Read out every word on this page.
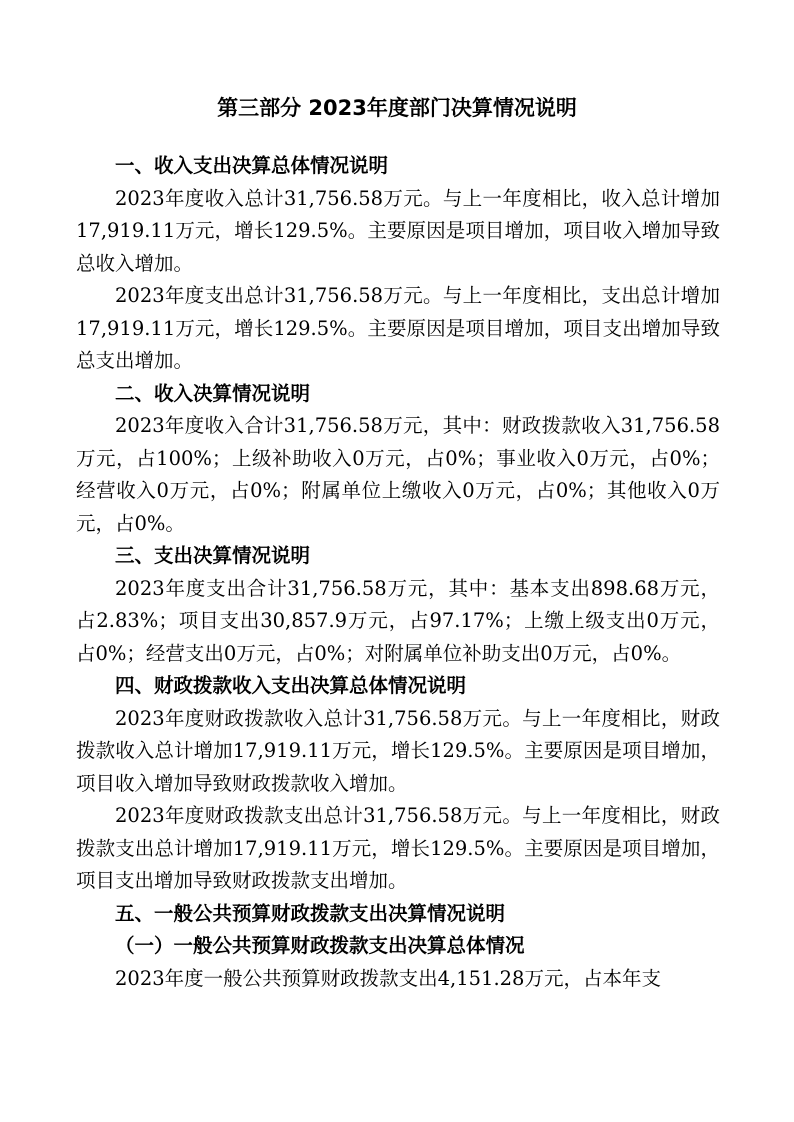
第三部分 2023年度部门决算情况说明
一、收入支出决算总体情况说明

2023年度收入总计31,756.58万元。与上一年度相比，收入总计增加17,919.11万元，增长129.5%。主要原因是项目增加，项目收入增加导致总收入增加。

2023年度支出总计31,756.58万元。与上一年度相比，支出总计增加17,919.11万元，增长129.5%。主要原因是项目增加，项目支出增加导致总支出增加。

二、收入决算情况说明

2023年度收入合计31,756.58万元，其中：财政拨款收入31,756.58万元，占100%；上级补助收入0万元，占0%；事业收入0万元，占0%；经营收入0万元，占0%；附属单位上缴收入0万元，占0%；其他收入0万元，占0%。

三、支出决算情况说明

2023年度支出合计31,756.58万元，其中：基本支出898.68万元，占2.83%；项目支出30,857.9万元，占97.17%；上缴上级支出0万元，占0%；经营支出0万元，占0%；对附属单位补助支出0万元，占0%。

四、财政拨款收入支出决算总体情况说明

2023年度财政拨款收入总计31,756.58万元。与上一年度相比，财政拨款收入总计增加17,919.11万元，增长129.5%。主要原因是项目增加，项目收入增加导致财政拨款收入增加。

2023年度财政拨款支出总计31,756.58万元。与上一年度相比，财政拨款支出总计增加17,919.11万元，增长129.5%。主要原因是项目增加，项目支出增加导致财政拨款支出增加。

五、一般公共预算财政拨款支出决算情况说明
（一）一般公共预算财政拨款支出决算总体情况

2023年度一般公共预算财政拨款支出4,151.28万元，占本年支
